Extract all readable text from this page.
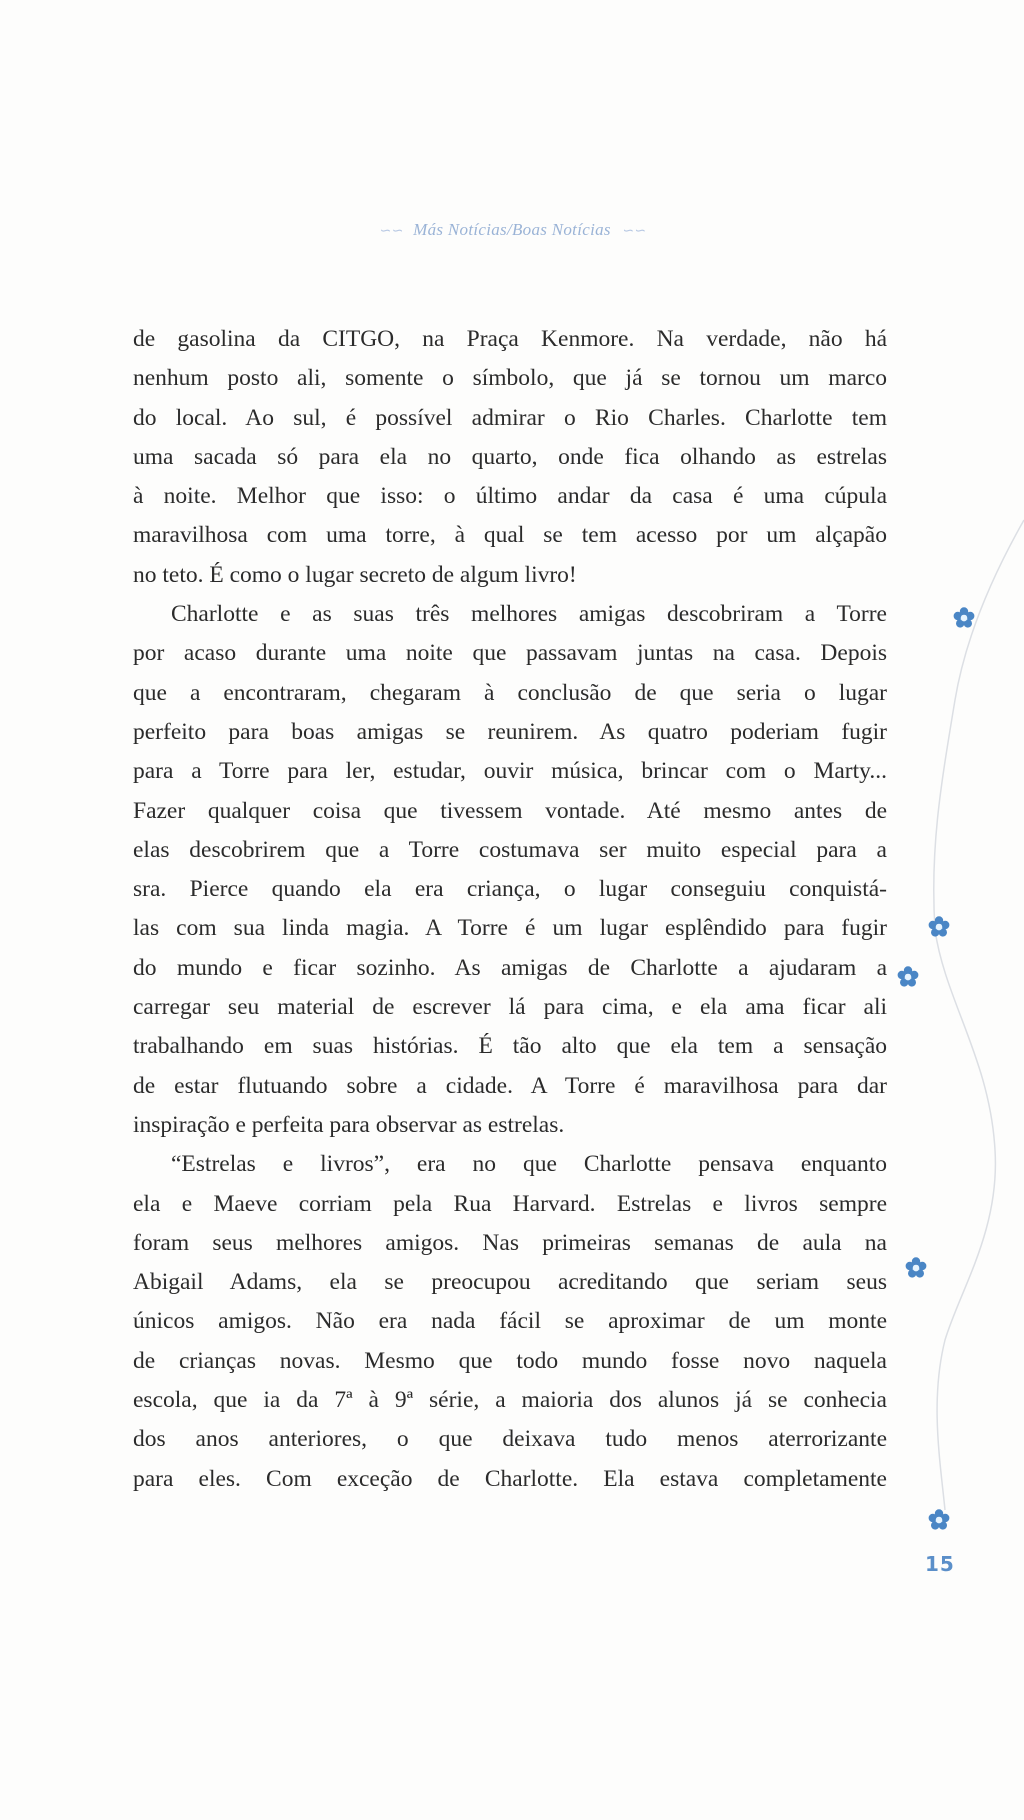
∽∽ Más Notícias/Boas Notícias ∽∽

de gasolina da CITGO, na Praça Kenmore. Na verdade, não há
nenhum posto ali, somente o símbolo, que já se tornou um marco
do local. Ao sul, é possível admirar o Rio Charles. Charlotte tem
uma sacada só para ela no quarto, onde fica olhando as estrelas
à noite. Melhor que isso: o último andar da casa é uma cúpula
maravilhosa com uma torre, à qual se tem acesso por um alçapão
no teto. É como o lugar secreto de algum livro!

Charlotte e as suas três melhores amigas descobriram a Torre
por acaso durante uma noite que passavam juntas na casa. Depois
que a encontraram, chegaram à conclusão de que seria o lugar
perfeito para boas amigas se reunirem. As quatro poderiam fugir
para a Torre para ler, estudar, ouvir música, brincar com o Marty...
Fazer qualquer coisa que tivessem vontade. Até mesmo antes de
elas descobrirem que a Torre costumava ser muito especial para a
sra. Pierce quando ela era criança, o lugar conseguiu conquistá-
las com sua linda magia. A Torre é um lugar esplêndido para fugir
do mundo e ficar sozinho. As amigas de Charlotte a ajudaram a
carregar seu material de escrever lá para cima, e ela ama ficar ali
trabalhando em suas histórias. É tão alto que ela tem a sensação
de estar flutuando sobre a cidade. A Torre é maravilhosa para dar
inspiração e perfeita para observar as estrelas.

“Estrelas e livros”, era no que Charlotte pensava enquanto
ela e Maeve corriam pela Rua Harvard. Estrelas e livros sempre
foram seus melhores amigos. Nas primeiras semanas de aula na
Abigail Adams, ela se preocupou acreditando que seriam seus
únicos amigos. Não era nada fácil se aproximar de um monte
de crianças novas. Mesmo que todo mundo fosse novo naquela
escola, que ia da 7ª à 9ª série, a maioria dos alunos já se conhecia
dos anos anteriores, o que deixava tudo menos aterrorizante
para eles. Com exceção de Charlotte. Ela estava completamente

15
